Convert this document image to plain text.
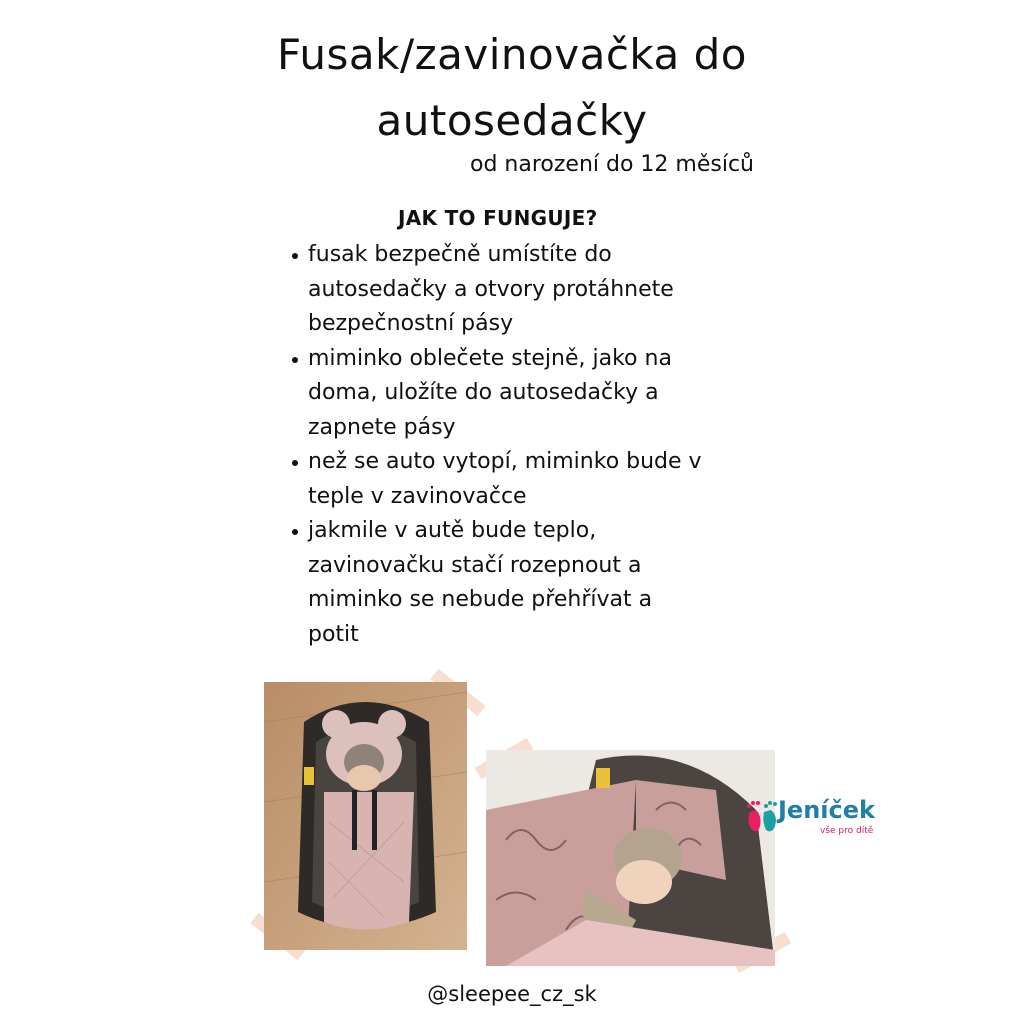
Fusak/zavinovačka do
autosedačky
od narození do 12 měsíců
JAK TO FUNGUJE?
fusak bezpečně umístíte do
autosedačky a otvory protáhnete
bezpečnostní pásy
miminko oblečete stejně, jako na
doma, uložíte do autosedačky a
zapnete pásy
než se auto vytopí, miminko bude v
teple v zavinovačce
jakmile v autě bude teplo,
zavinovačku stačí rozepnout a
miminko se nebude přehřívat a
potit
Jeníček
vše pro dítě
@sleepee_cz_sk
